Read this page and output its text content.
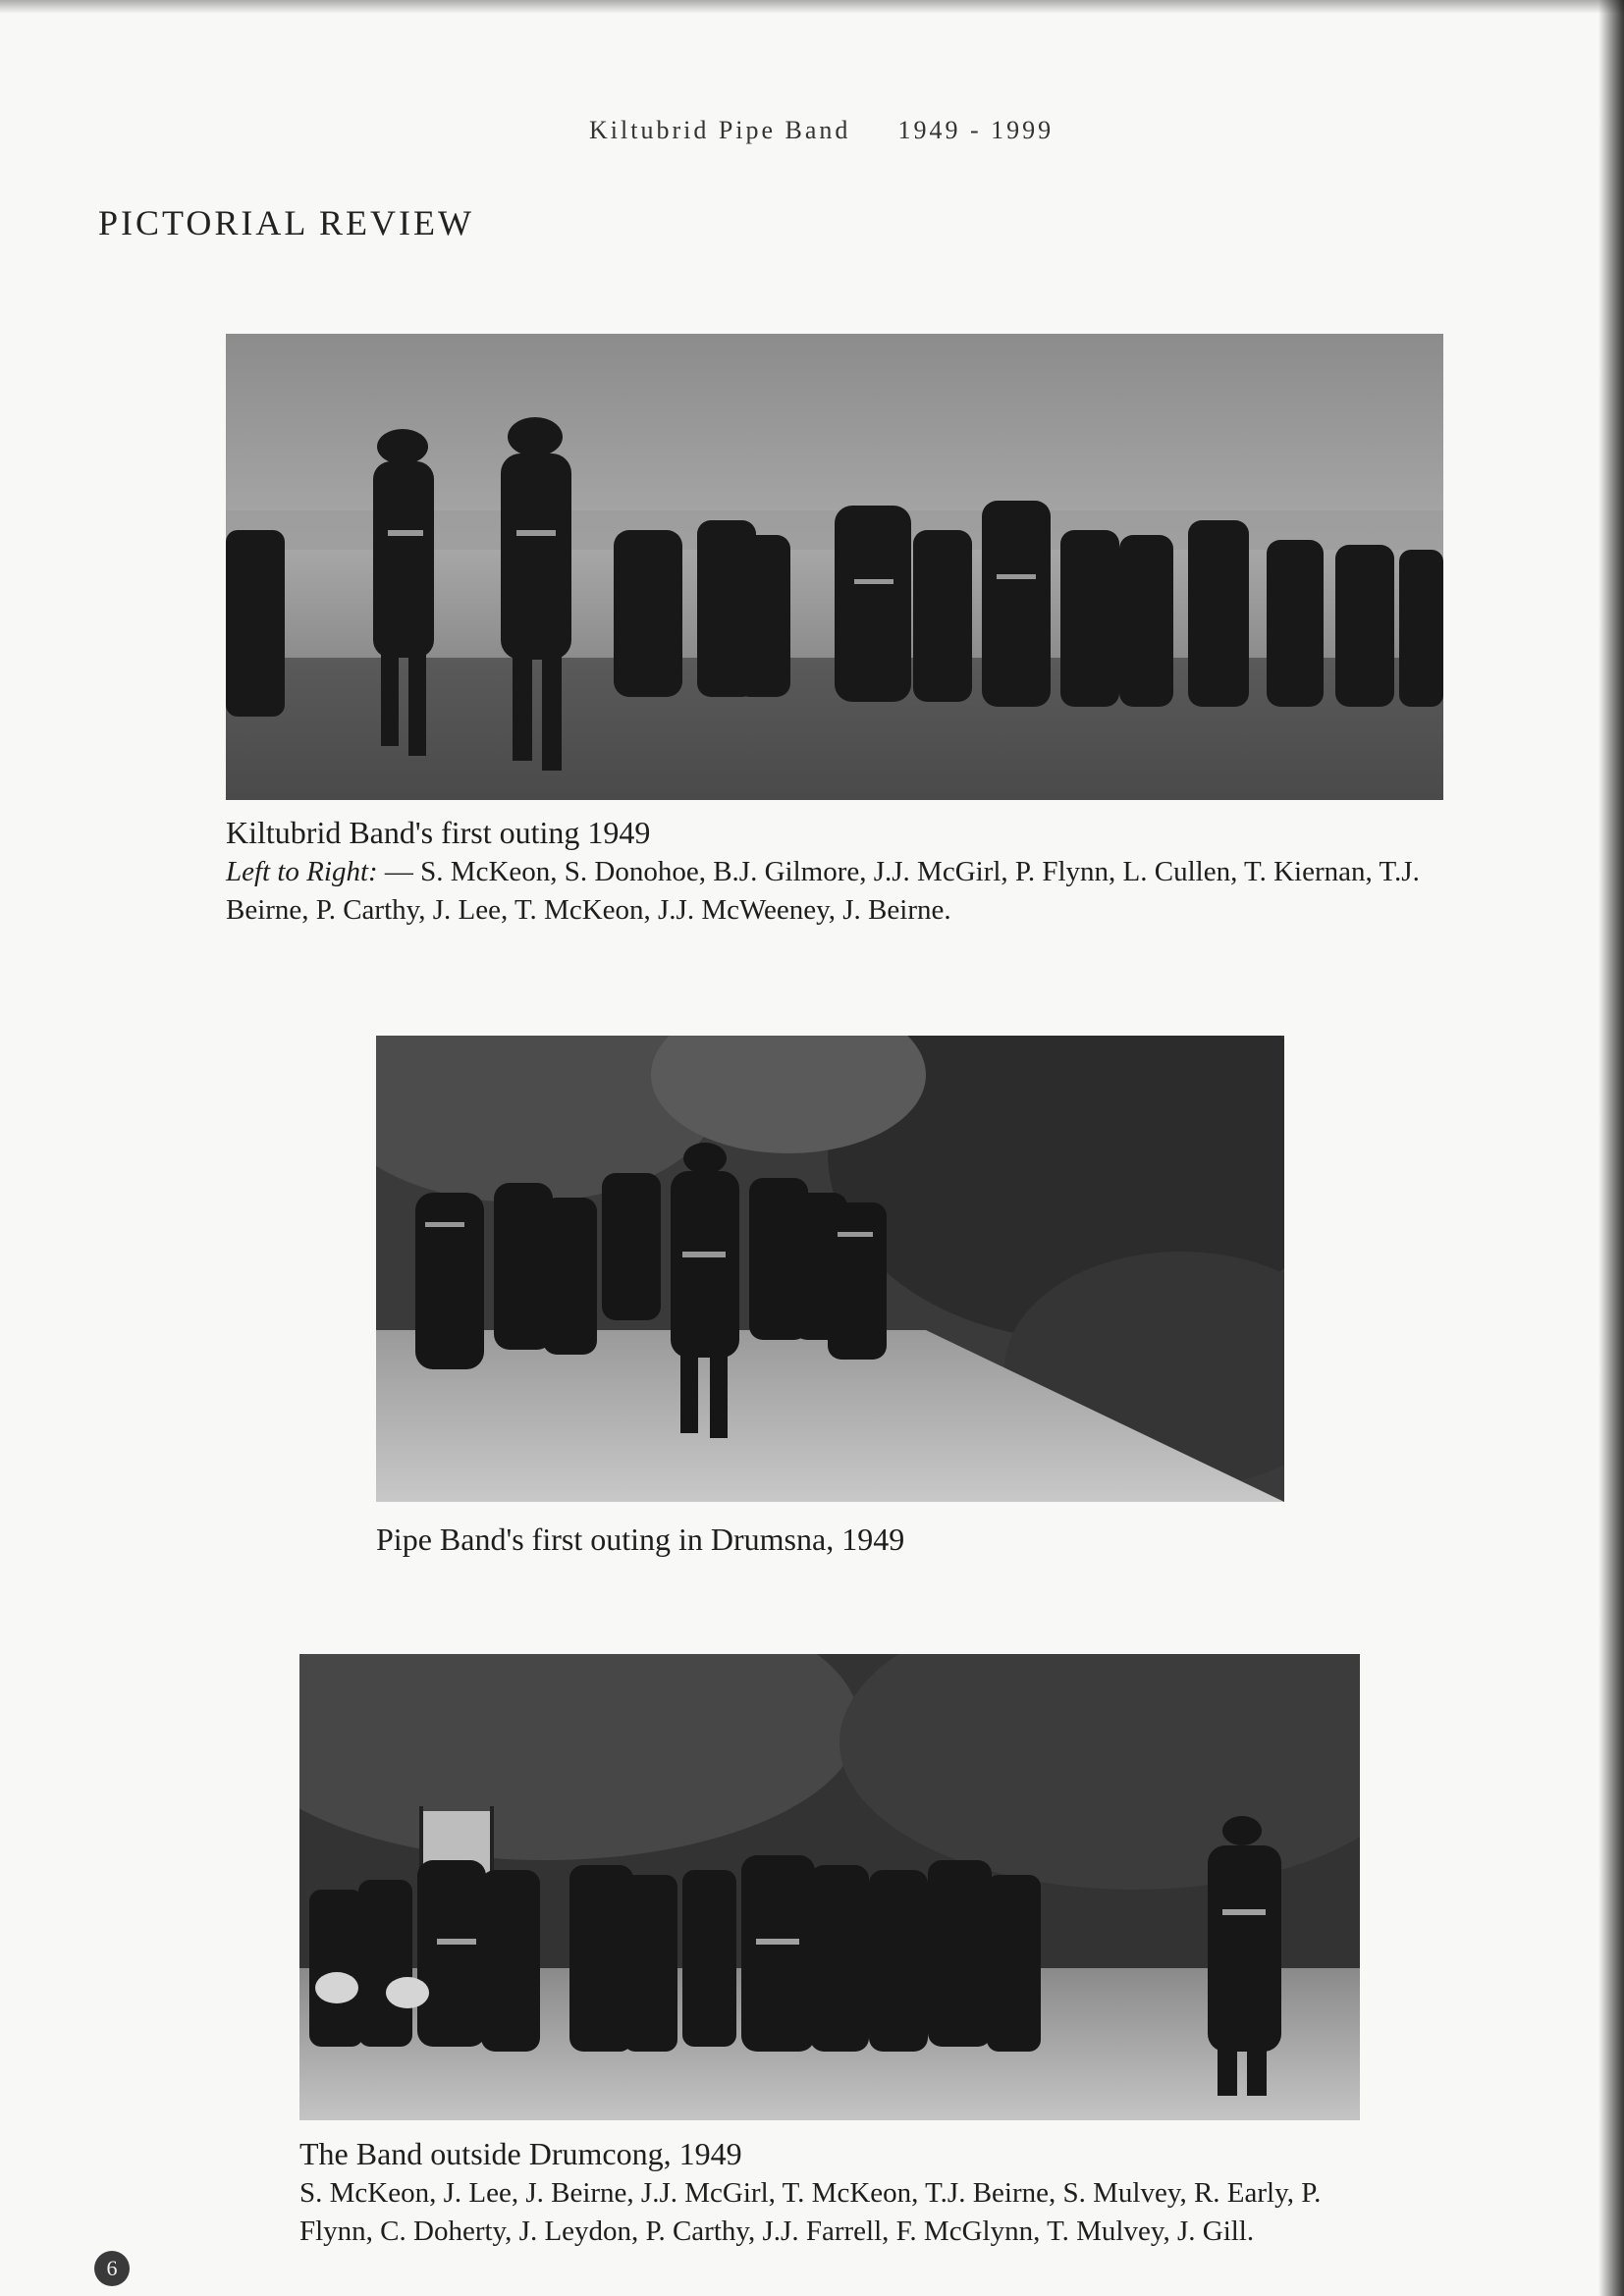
Kiltubrid Pipe Band 1949 - 1999
PICTORIAL REVIEW
Kiltubrid Band's first outing 1949
Left to Right: — S. McKeon, S. Donohoe, B.J. Gilmore, J.J. McGirl, P. Flynn, L. Cullen, T. Kiernan, T.J. Beirne, P. Carthy, J. Lee, T. McKeon, J.J. McWeeney, J. Beirne.
Pipe Band's first outing in Drumsna, 1949
The Band outside Drumcong, 1949
S. McKeon, J. Lee, J. Beirne, J.J. McGirl, T. McKeon, T.J. Beirne, S. Mulvey, R. Early, P. Flynn, C. Doherty, J. Leydon, P. Carthy, J.J. Farrell, F. McGlynn, T. Mulvey, J. Gill.
6
